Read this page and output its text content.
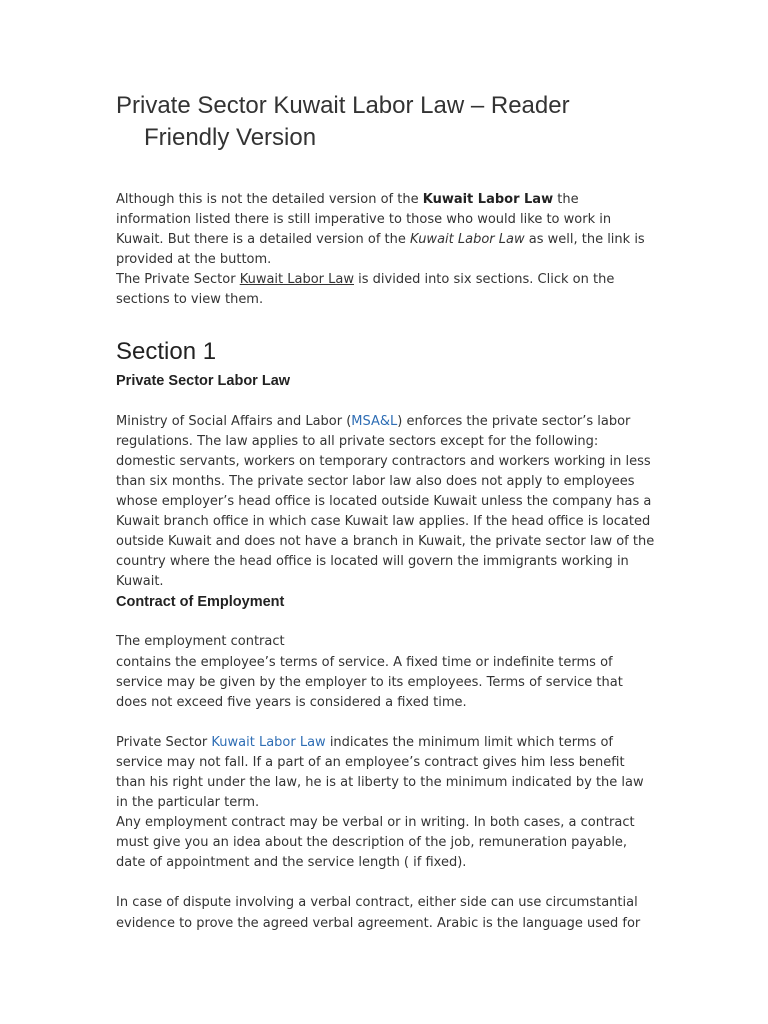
Private Sector Kuwait Labor Law – Reader
Friendly Version

Although this is not the detailed version of the Kuwait Labor Law the information listed there is still imperative to those who would like to work in Kuwait. But there is a detailed version of the Kuwait Labor Law as well, the link is provided at the buttom.

The Private Sector Kuwait Labor Law is divided into six sections. Click on the sections to view them.

Section 1
Private Sector Labor Law

Ministry of Social Affairs and Labor (MSA&L) enforces the private sector’s labor regulations. The law applies to all private sectors except for the following: domestic servants, workers on temporary contractors and workers working in less than six months. The private sector labor law also does not apply to employees whose employer’s head office is located outside Kuwait unless the company has a Kuwait branch office in which case Kuwait law applies. If the head office is located outside Kuwait and does not have a branch in Kuwait, the private sector law of the country where the head office is located will govern the immigrants working in Kuwait.

Contract of Employment

The employment contract
contains the employee’s terms of service. A fixed time or indefinite terms of service may be given by the employer to its employees. Terms of service that does not exceed five years is considered a fixed time.

Private Sector Kuwait Labor Law indicates the minimum limit which terms of service may not fall. If a part of an employee’s contract gives him less benefit than his right under the law, he is at liberty to the minimum indicated by the law in the particular term.

Any employment contract may be verbal or in writing. In both cases, a contract must give you an idea about the description of the job, remuneration payable, date of appointment and the service length ( if fixed).

In case of dispute involving a verbal contract, either side can use circumstantial evidence to prove the agreed verbal agreement. Arabic is the language used for
